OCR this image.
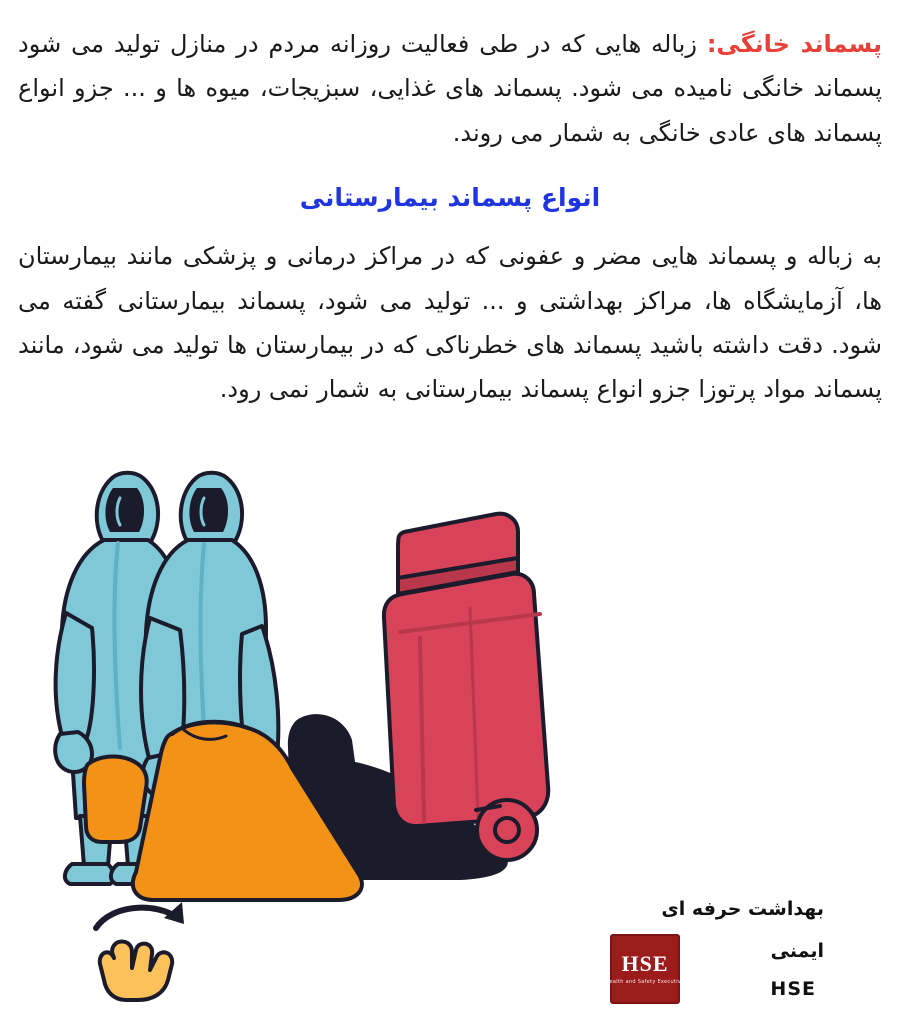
پسماند خانگی: زباله هایی که در طی فعالیت روزانه مردم در منازل تولید می شود پسماند خانگی نامیده می شود. پسماند های غذایی، سبزیجات، میوه ها و ... جزو انواع پسماند های عادی خانگی به شمار می روند.

انواع پسماند بیمارستانی

به زباله و پسماند هایی مضر و عفونی که در مراکز درمانی و پزشکی مانند بیمارستان ها، آزمایشگاه ها، مراکز بهداشتی و ... تولید می شود، پسماند بیمارستانی گفته می شود. دقت داشته باشید پسماند های خطرناکی که در بیمارستان ها تولید می شود، مانند پسماند مواد پرتوزا جزو انواع پسماند بیمارستانی به شمار نمی رود.

بهداشت حرفه ای
ایمنی
HSE
HSE
Health and Safety Executive
